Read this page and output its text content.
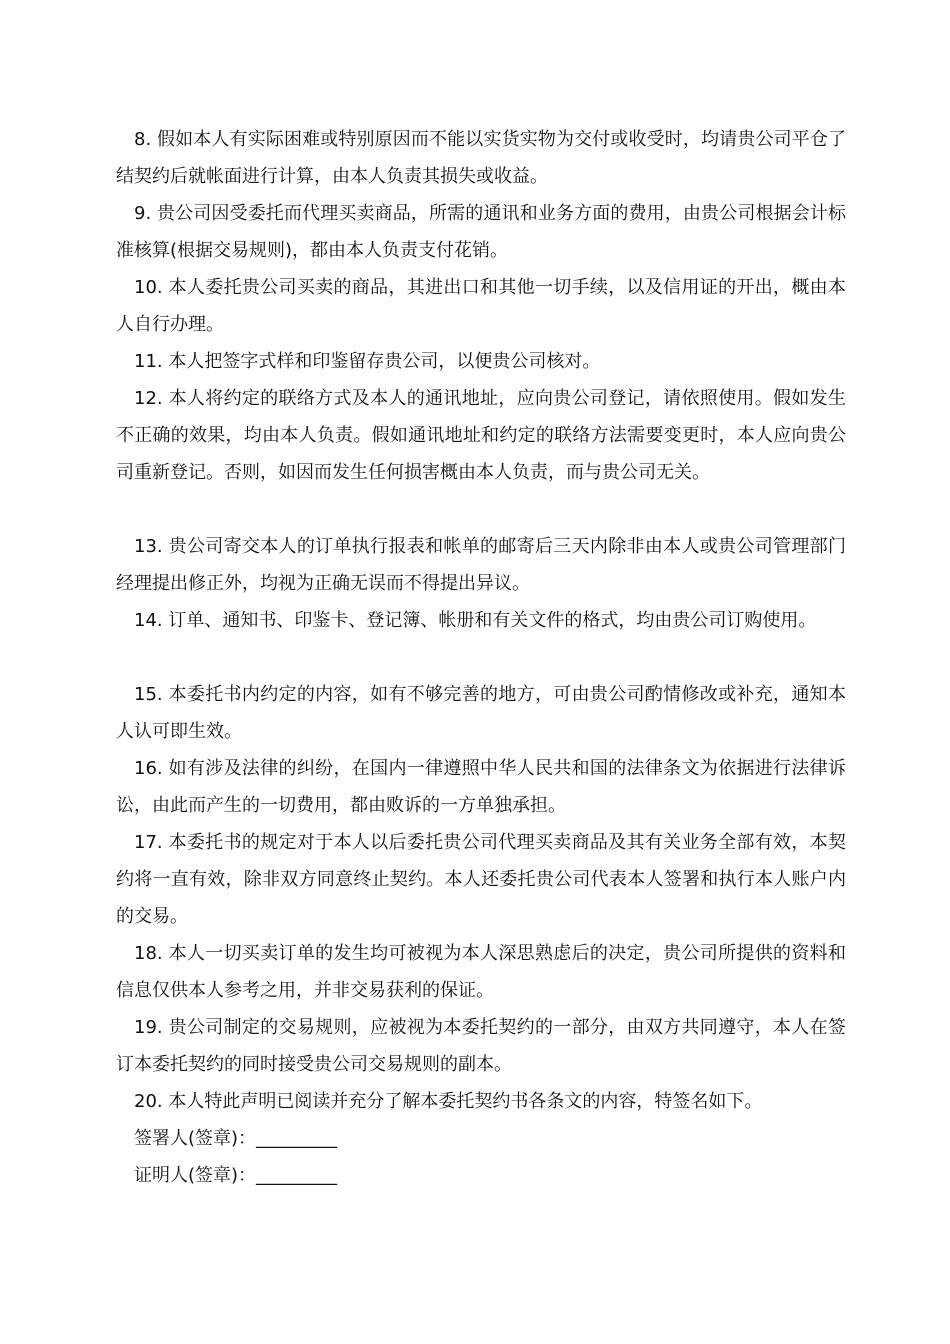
8. 假如本人有实际困难或特别原因而不能以实货实物为交付或收受时，均请贵公司平仓了结契约后就帐面进行计算，由本人负责其损失或收益。

9. 贵公司因受委托而代理买卖商品，所需的通讯和业务方面的费用，由贵公司根据会计标准核算(根据交易规则)，都由本人负责支付花销。

10. 本人委托贵公司买卖的商品，其进出口和其他一切手续，以及信用证的开出，概由本人自行办理。

11. 本人把签字式样和印鉴留存贵公司，以便贵公司核对。

12. 本人将约定的联络方式及本人的通讯地址，应向贵公司登记，请依照使用。假如发生不正确的效果，均由本人负责。假如通讯地址和约定的联络方法需要变更时，本人应向贵公司重新登记。否则，如因而发生任何损害概由本人负责，而与贵公司无关。

13. 贵公司寄交本人的订单执行报表和帐单的邮寄后三天内除非由本人或贵公司管理部门经理提出修正外，均视为正确无误而不得提出异议。

14. 订单、通知书、印鉴卡、登记簿、帐册和有关文件的格式，均由贵公司订购使用。

15. 本委托书内约定的内容，如有不够完善的地方，可由贵公司酌情修改或补充，通知本人认可即生效。

16. 如有涉及法律的纠纷，在国内一律遵照中华人民共和国的法律条文为依据进行法律诉讼，由此而产生的一切费用，都由败诉的一方单独承担。

17. 本委托书的规定对于本人以后委托贵公司代理买卖商品及其有关业务全部有效，本契约将一直有效，除非双方同意终止契约。本人还委托贵公司代表本人签署和执行本人账户内的交易。

18. 本人一切买卖订单的发生均可被视为本人深思熟虑后的决定，贵公司所提供的资料和信息仅供本人参考之用，并非交易获利的保证。

19. 贵公司制定的交易规则，应被视为本委托契约的一部分，由双方共同遵守，本人在签订本委托契约的同时接受贵公司交易规则的副本。

20. 本人特此声明已阅读并充分了解本委托契约书各条文的内容，特签名如下。

签署人(签章)：_________

证明人(签章)：_________
